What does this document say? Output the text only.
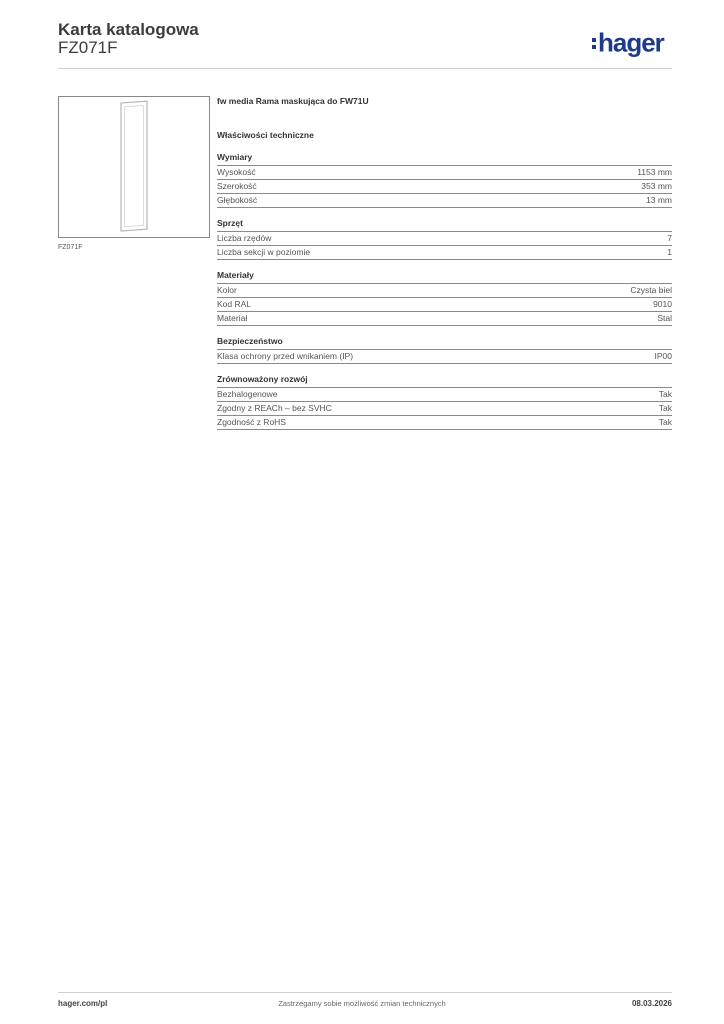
Karta katalogowa
FZ071F	hager
FZ071F
fw media Rama maskująca do FW71U
Właściwości techniczne
Wymiary
Wysokość	1153 mm
Szerokość	353 mm
Głębokość	13 mm
Sprzęt
Liczba rzędów	7
Liczba sekcji w poziomie	1
Materiały
Kolor	Czysta biel
Kod RAL	9010
Materiał	Stal
Bezpieczeństwo
Klasa ochrony przed wnikaniem (IP)	IP00
Zrównoważony rozwój
Bezhalogenowe	Tak
Zgodny z REACh – bez SVHC	Tak
Zgodność z RoHS	Tak
hager.com/pl	Zastrzegamy sobie możliwość zmian technicznych	08.03.2026
